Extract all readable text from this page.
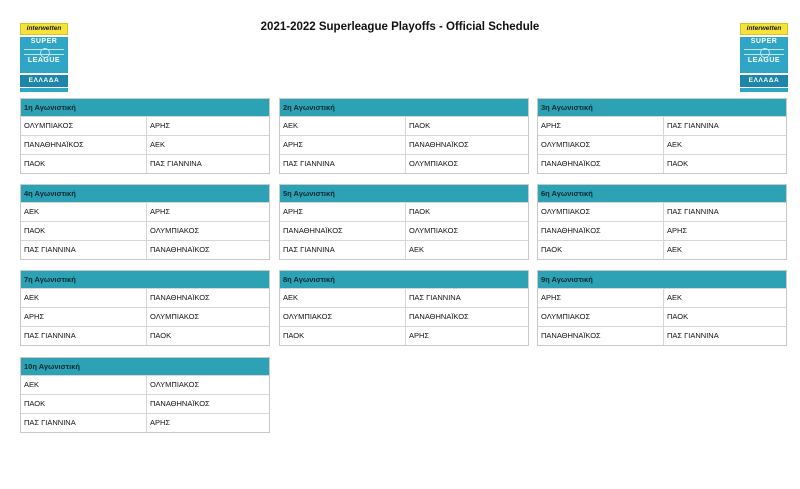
2021-2022 Superleague Playoffs - Official Schedule
interwetten
SUPER
LEAGUE
ΕΛΛΑΔΑ
interwetten
SUPER
LEAGUE
ΕΛΛΑΔΑ
1η Αγωνιστική
ΟΛΥΜΠΙΑΚΟΣ	ΑΡΗΣ
ΠΑΝΑΘΗΝΑΪΚΟΣ	ΑΕΚ
ΠΑΟΚ	ΠΑΣ ΓΙΑΝΝΙΝΑ
2η Αγωνιστική
ΑΕΚ	ΠΑΟΚ
ΑΡΗΣ	ΠΑΝΑΘΗΝΑΪΚΟΣ
ΠΑΣ ΓΙΑΝΝΙΝΑ	ΟΛΥΜΠΙΑΚΟΣ
3η Αγωνιστική
ΑΡΗΣ	ΠΑΣ ΓΙΑΝΝΙΝΑ
ΟΛΥΜΠΙΑΚΟΣ	ΑΕΚ
ΠΑΝΑΘΗΝΑΪΚΟΣ	ΠΑΟΚ
4η Αγωνιστική
ΑΕΚ	ΑΡΗΣ
ΠΑΟΚ	ΟΛΥΜΠΙΑΚΟΣ
ΠΑΣ ΓΙΑΝΝΙΝΑ	ΠΑΝΑΘΗΝΑΪΚΟΣ
5η Αγωνιστική
ΑΡΗΣ	ΠΑΟΚ
ΠΑΝΑΘΗΝΑΪΚΟΣ	ΟΛΥΜΠΙΑΚΟΣ
ΠΑΣ ΓΙΑΝΝΙΝΑ	ΑΕΚ
6η Αγωνιστική
ΟΛΥΜΠΙΑΚΟΣ	ΠΑΣ ΓΙΑΝΝΙΝΑ
ΠΑΝΑΘΗΝΑΪΚΟΣ	ΑΡΗΣ
ΠΑΟΚ	ΑΕΚ
7η Αγωνιστική
ΑΕΚ	ΠΑΝΑΘΗΝΑΪΚΟΣ
ΑΡΗΣ	ΟΛΥΜΠΙΑΚΟΣ
ΠΑΣ ΓΙΑΝΝΙΝΑ	ΠΑΟΚ
8η Αγωνιστική
ΑΕΚ	ΠΑΣ ΓΙΑΝΝΙΝΑ
ΟΛΥΜΠΙΑΚΟΣ	ΠΑΝΑΘΗΝΑΪΚΟΣ
ΠΑΟΚ	ΑΡΗΣ
9η Αγωνιστική
ΑΡΗΣ	ΑΕΚ
ΟΛΥΜΠΙΑΚΟΣ	ΠΑΟΚ
ΠΑΝΑΘΗΝΑΪΚΟΣ	ΠΑΣ ΓΙΑΝΝΙΝΑ
10η Αγωνιστική
ΑΕΚ	ΟΛΥΜΠΙΑΚΟΣ
ΠΑΟΚ	ΠΑΝΑΘΗΝΑΪΚΟΣ
ΠΑΣ ΓΙΑΝΝΙΝΑ	ΑΡΗΣ
